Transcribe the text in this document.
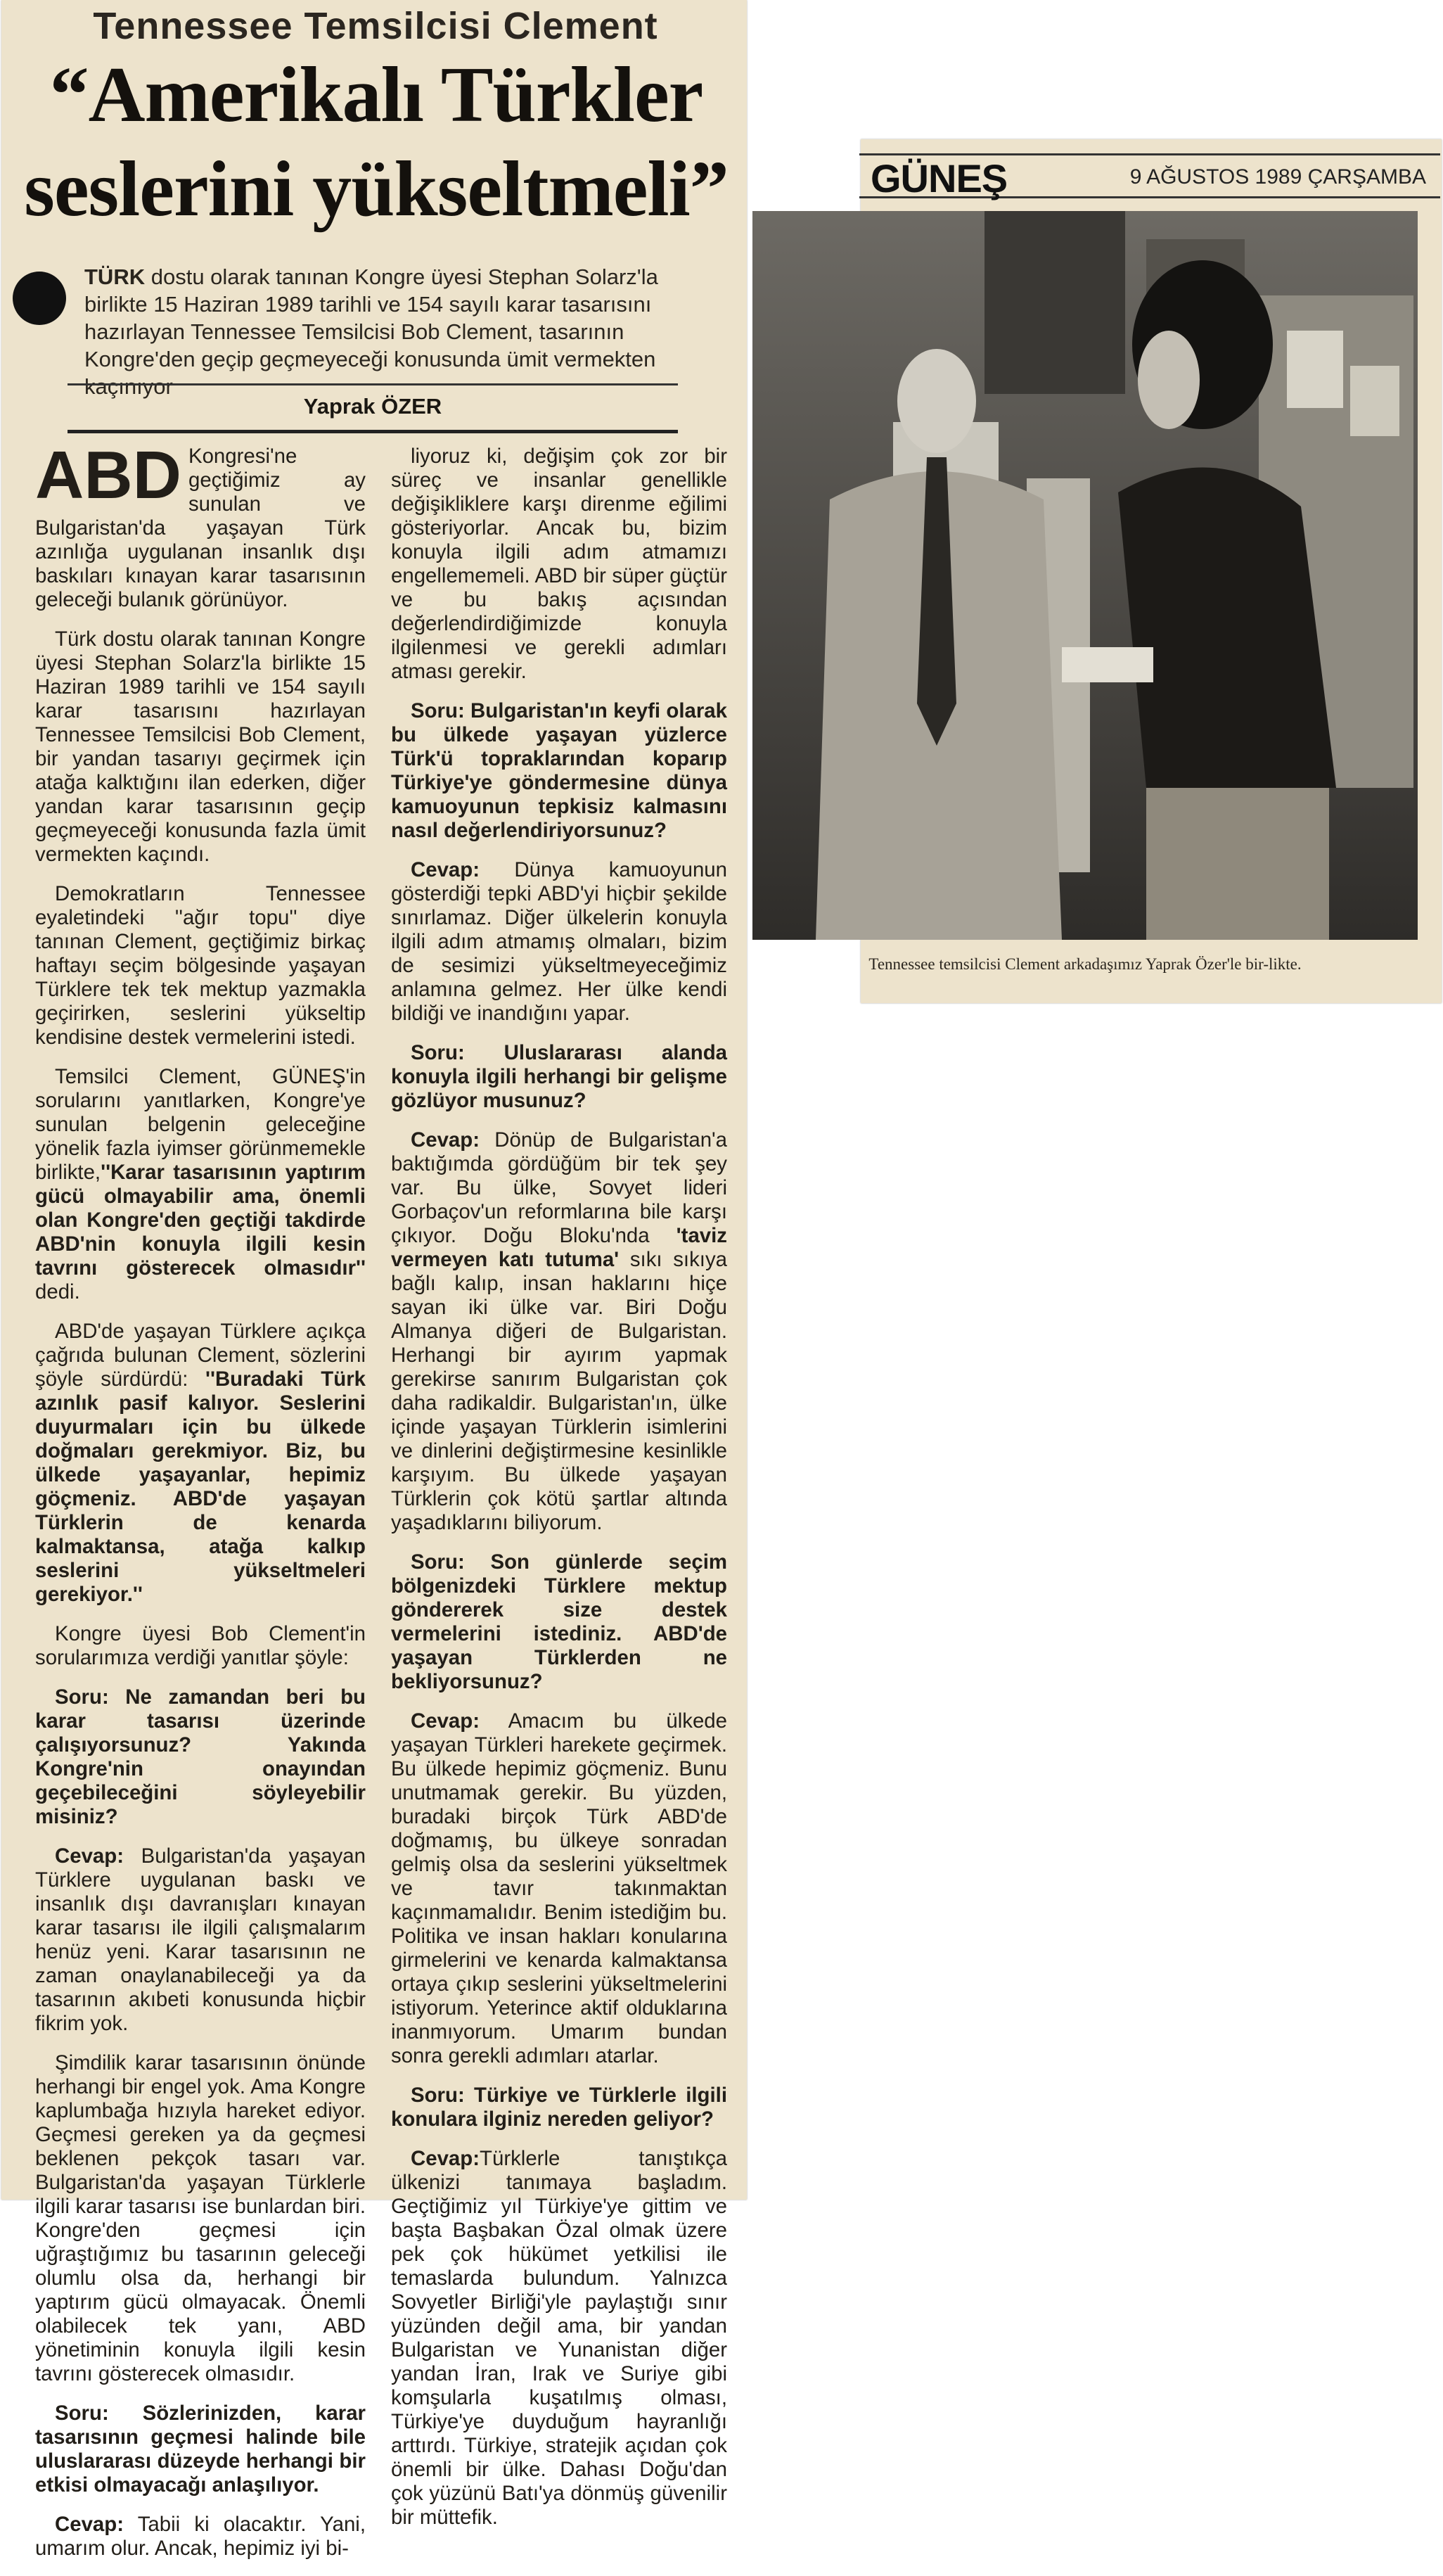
Tennessee Temsilcisi Clement
“Amerikalı Türkler
seslerini yükseltmeli”
TÜRK dostu olarak tanınan Kongre üyesi Stephan Solarz'la birlikte 15 Haziran 1989 tarihli ve 154 sayılı karar tasarısını hazırlayan Tennessee Temsilcisi Bob Clement, tasarının Kongre'den geçip geçmeyeceği konusunda ümit vermekten kaçınıyor
Yaprak ÖZER

ABD Kongresi'ne geçtiğimiz ay sunulan ve Bulgaristan'da yaşayan Türk azınlığa uygulanan insanlık dışı baskıları kınayan karar tasarısının geleceği bulanık görünüyor.

Türk dostu olarak tanınan Kongre üyesi Stephan Solarz'la birlikte 15 Haziran 1989 tarihli ve 154 sayılı karar tasarısını hazırlayan Tennessee Temsilcisi Bob Clement, bir yandan tasarıyı geçirmek için atağa kalktığını ilan ederken, diğer yandan karar tasarısının geçip geçmeyeceği konusunda fazla ümit vermekten kaçındı.

Demokratların Tennessee eyaletindeki ''ağır topu'' diye tanınan Clement, geçtiğimiz birkaç haftayı seçim bölgesinde yaşayan Türklere tek tek mektup yazmakla geçirirken, seslerini yükseltip kendisine destek vermelerini istedi.

Temsilci Clement, GÜNEŞ'in sorularını yanıtlarken, Kongre'ye sunulan belgenin geleceğine yönelik fazla iyimser görünmemekle birlikte,''Karar tasarısının yaptırım gücü olmayabilir ama, önemli olan Kongre'den geçtiği takdirde ABD'nin konuyla ilgili kesin tavrını gösterecek olmasıdır'' dedi.

ABD'de yaşayan Türklere açıkça çağrıda bulunan Clement, sözlerini şöyle sürdürdü: ''Buradaki Türk azınlık pasif kalıyor. Seslerini duyurmaları için bu ülkede doğmaları gerekmiyor. Biz, bu ülkede yaşayanlar, hepimiz göçmeniz. ABD'de yaşayan Türklerin de kenarda kalmaktansa, atağa kalkıp seslerini yükseltmeleri gerekiyor.''

Kongre üyesi Bob Clement'in sorularımıza verdiği yanıtlar şöyle:

Soru: Ne zamandan beri bu karar tasarısı üzerinde çalışıyorsunuz? Yakında Kongre'nin onayından geçebileceğini söyleyebilir misiniz?

Cevap: Bulgaristan'da yaşayan Türklere uygulanan baskı ve insanlık dışı davranışları kınayan karar tasarısı ile ilgili çalışmalarım henüz yeni. Karar tasarısının ne zaman onaylanabileceği ya da tasarının akıbeti konusunda hiçbir fikrim yok.

Şimdilik karar tasarısının önünde herhangi bir engel yok. Ama Kongre kaplumbağa hızıyla hareket ediyor. Geçmesi gereken ya da geçmesi beklenen pekçok tasarı var. Bulgaristan'da yaşayan Türklerle ilgili karar tasarısı ise bunlardan biri. Kongre'den geçmesi için uğraştığımız bu tasarının geleceği olumlu olsa da, herhangi bir yaptırım gücü olmayacak. Önemli olabilecek tek yanı, ABD yönetiminin konuyla ilgili kesin tavrını gösterecek olmasıdır.

Soru: Sözlerinizden, karar tasarısının geçmesi halinde bile uluslararası düzeyde herhangi bir etkisi olmayacağı anlaşılıyor.

Cevap: Tabii ki olacaktır. Yani, umarım olur. Ancak, hepimiz iyi bi-

liyoruz ki, değişim çok zor bir süreç ve insanlar genellikle değişikliklere karşı direnme eğilimi gösteriyorlar. Ancak bu, bizim konuyla ilgili adım atmamızı engellememeli. ABD bir süper güçtür ve bu bakış açısından değerlendirdiğimizde konuyla ilgilenmesi ve gerekli adımları atması gerekir.

Soru: Bulgaristan'ın keyfi olarak bu ülkede yaşayan yüzlerce Türk'ü topraklarından koparıp Türkiye'ye göndermesine dünya kamuoyunun tepkisiz kalmasını nasıl değerlendiriyorsunuz?

Cevap: Dünya kamuoyunun gösterdiği tepki ABD'yi hiçbir şekilde sınırlamaz. Diğer ülkelerin konuyla ilgili adım atmamış olmaları, bizim de sesimizi yükseltmeyeceğimiz anlamına gelmez. Her ülke kendi bildiği ve inandığını yapar.

Soru: Uluslararası alanda konuyla ilgili herhangi bir gelişme gözlüyor musunuz?

Cevap: Dönüp de Bulgaristan'a baktığımda gördüğüm bir tek şey var. Bu ülke, Sovyet lideri Gorbaçov'un reformlarına bile karşı çıkıyor. Doğu Bloku'nda 'taviz vermeyen katı tutuma' sıkı sıkıya bağlı kalıp, insan haklarını hiçe sayan iki ülke var. Biri Doğu Almanya diğeri de Bulgaristan. Herhangi bir ayırım yapmak gerekirse sanırım Bulgaristan çok daha radikaldir. Bulgaristan'ın, ülke içinde yaşayan Türklerin isimlerini ve dinlerini değiştirmesine kesinlikle karşıyım. Bu ülkede yaşayan Türklerin çok kötü şartlar altında yaşadıklarını biliyorum.

Soru: Son günlerde seçim bölgenizdeki Türklere mektup göndererek size destek vermelerini istediniz. ABD'de yaşayan Türklerden ne bekliyorsunuz?

Cevap: Amacım bu ülkede yaşayan Türkleri harekete geçirmek. Bu ülkede hepimiz göçmeniz. Bunu unutmamak gerekir. Bu yüzden, buradaki birçok Türk ABD'de doğmamış, bu ülkeye sonradan gelmiş olsa da seslerini yükseltmek ve tavır takınmaktan kaçınmamalıdır. Benim istediğim bu. Politika ve insan hakları konularına girmelerini ve kenarda kalmaktansa ortaya çıkıp seslerini yükseltmelerini istiyorum. Yeterince aktif olduklarına inanmıyorum. Umarım bundan sonra gerekli adımları atarlar.

Soru: Türkiye ve Türklerle ilgili konulara ilginiz nereden geliyor?

Cevap:Türklerle tanıştıkça ülkenizi tanımaya başladım. Geçtiğimiz yıl Türkiye'ye gittim ve başta Başbakan Özal olmak üzere pek çok hükümet yetkilisi ile temaslarda bulundum. Yalnızca Sovyetler Birliği'yle paylaştığı sınır yüzünden değil ama, bir yandan Bulgaristan ve Yunanistan diğer yandan İran, Irak ve Suriye gibi komşularla kuşatılmış olması, Türkiye'ye duyduğum hayranlığı arttırdı. Türkiye, stratejik açıdan çok önemli bir ülke. Dahası Doğu'dan çok yüzünü Batı'ya dönmüş güvenilir bir müttefik.

GÜNEŞ	9 AĞUSTOS 1989 ÇARŞAMBA
Tennessee temsilcisi Clement arkadaşımız Yaprak Özer'le bir-likte.
